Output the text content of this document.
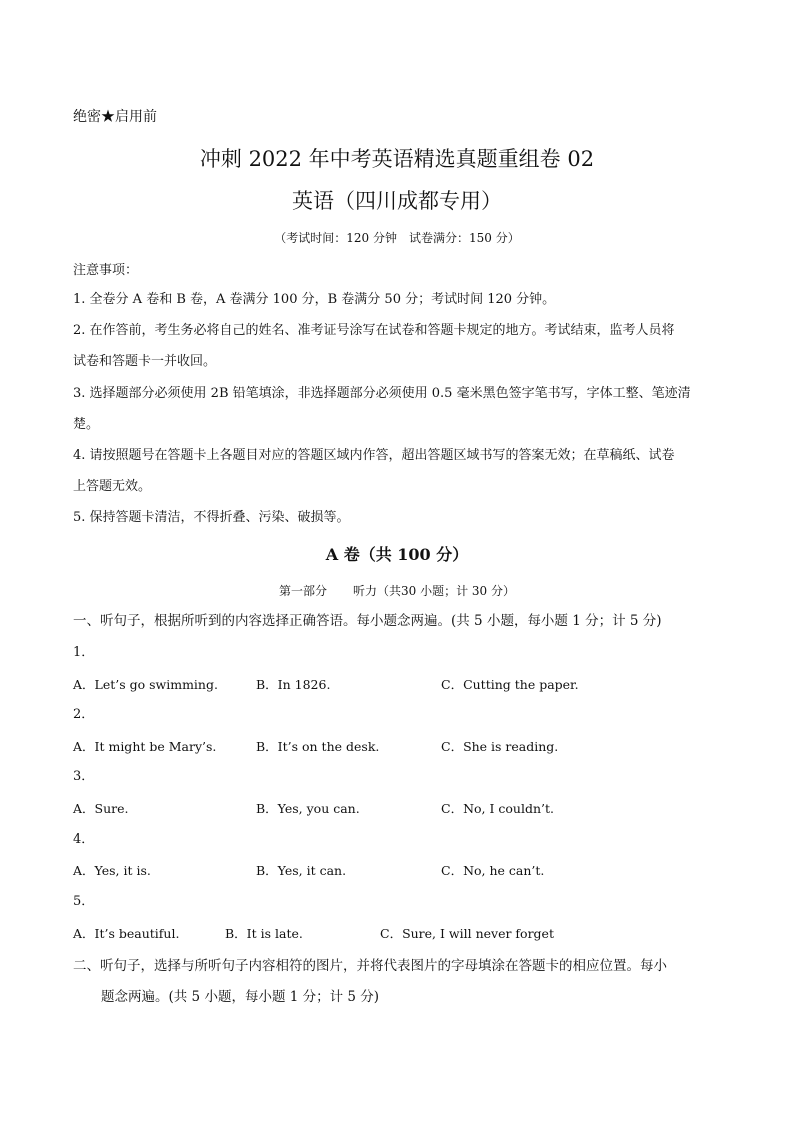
绝密★启用前
冲刺 2022 年中考英语精选真题重组卷 02
英语（四川成都专用）
（考试时间：120 分钟　试卷满分：150 分）
注意事项：
1. 全卷分 A 卷和 B 卷，A 卷满分 100 分，B 卷满分 50 分；考试时间 120 分钟。
2. 在作答前，考生务必将自己的姓名、准考证号涂写在试卷和答题卡规定的地方。考试结束，监考人员将
试卷和答题卡一并收回。
3. 选择题部分必须使用 2B 铅笔填涂，非选择题部分必须使用 0.5 毫米黑色签字笔书写，字体工整、笔迹清
楚。
4. 请按照题号在答题卡上各题目对应的答题区域内作答，超出答题区域书写的答案无效；在草稿纸、试卷
上答题无效。
5. 保持答题卡清洁，不得折叠、污染、破损等。
A 卷（共 100 分）
第一部分 听力（共30 小题；计 30 分）
一、听句子，根据所听到的内容选择正确答语。每小题念两遍。(共 5 小题，每小题 1 分；计 5 分)
1．
A．Let’s go swimming.	B．In 1826.	C．Cutting the paper.
2．
A．It might be Mary’s.	B．It’s on the desk.	C．She is reading.
3．
A．Sure.	B．Yes, you can.	C．No, I couldn’t.
4．
A．Yes, it is.	B．Yes, it can.	C．No, he can’t.
5．
A．It’s beautiful.	B．It is late.	C．Sure, I will never forget
二、听句子，选择与所听句子内容相符的图片，并将代表图片的字母填涂在答题卡的相应位置。每小
题念两遍。(共 5 小题，每小题 1 分；计 5 分)
